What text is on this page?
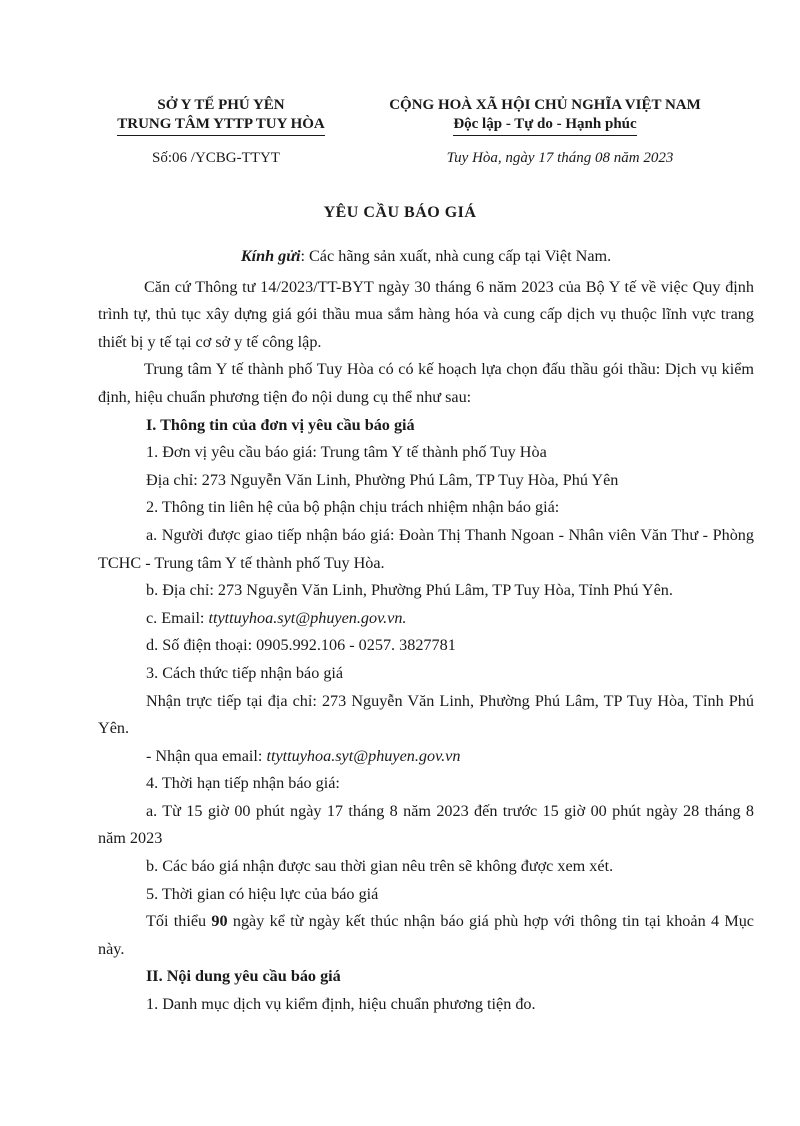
SỞ Y TẾ PHÚ YÊN
TRUNG TÂM YTTP TUY HÒA
CỘNG HOÀ XÃ HỘI CHỦ NGHĨA VIỆT NAM
Độc lập - Tự do - Hạnh phúc
Số:06 /YCBG-TTYT	Tuy Hòa, ngày 17 tháng 08 năm 2023
YÊU CẦU BÁO GIÁ

Kính gửi: Các hãng sản xuất, nhà cung cấp tại Việt Nam.

Căn cứ Thông tư 14/2023/TT-BYT ngày 30 tháng 6 năm 2023 của Bộ Y tế về việc Quy định trình tự, thủ tục xây dựng giá gói thầu mua sắm hàng hóa và cung cấp dịch vụ thuộc lĩnh vực trang thiết bị y tế tại cơ sở y tế công lập.

Trung tâm Y tế thành phố Tuy Hòa có có kế hoạch lựa chọn đấu thầu gói thầu: Dịch vụ kiểm định, hiệu chuẩn phương tiện đo nội dung cụ thể như sau:

I. Thông tin của đơn vị yêu cầu báo giá

1. Đơn vị yêu cầu báo giá: Trung tâm Y tế thành phố Tuy Hòa

Địa chỉ: 273 Nguyễn Văn Linh, Phường Phú Lâm, TP Tuy Hòa, Phú Yên

2. Thông tin liên hệ của bộ phận chịu trách nhiệm nhận báo giá:

a. Người được giao tiếp nhận báo giá: Đoàn Thị Thanh Ngoan - Nhân viên Văn Thư - Phòng TCHC - Trung tâm Y tế thành phố Tuy Hòa.

b. Địa chỉ: 273 Nguyễn Văn Linh, Phường Phú Lâm, TP Tuy Hòa, Tỉnh Phú Yên.

c. Email: ttyttuyhoa.syt@phuyen.gov.vn.

d. Số điện thoại: 0905.992.106 - 0257. 3827781

3. Cách thức tiếp nhận báo giá

Nhận trực tiếp tại địa chỉ: 273 Nguyễn Văn Linh, Phường Phú Lâm, TP Tuy Hòa, Tỉnh Phú Yên.

- Nhận qua email: ttyttuyhoa.syt@phuyen.gov.vn

4. Thời hạn tiếp nhận báo giá:

a. Từ 15 giờ 00 phút ngày 17 tháng 8 năm 2023 đến trước 15 giờ 00 phút ngày 28 tháng 8 năm 2023

b. Các báo giá nhận được sau thời gian nêu trên sẽ không được xem xét.

5. Thời gian có hiệu lực của báo giá

Tối thiểu 90 ngày kể từ ngày kết thúc nhận báo giá phù hợp với thông tin tại khoản 4 Mục này.

II. Nội dung yêu cầu báo giá

1. Danh mục dịch vụ kiểm định, hiệu chuẩn phương tiện đo.
